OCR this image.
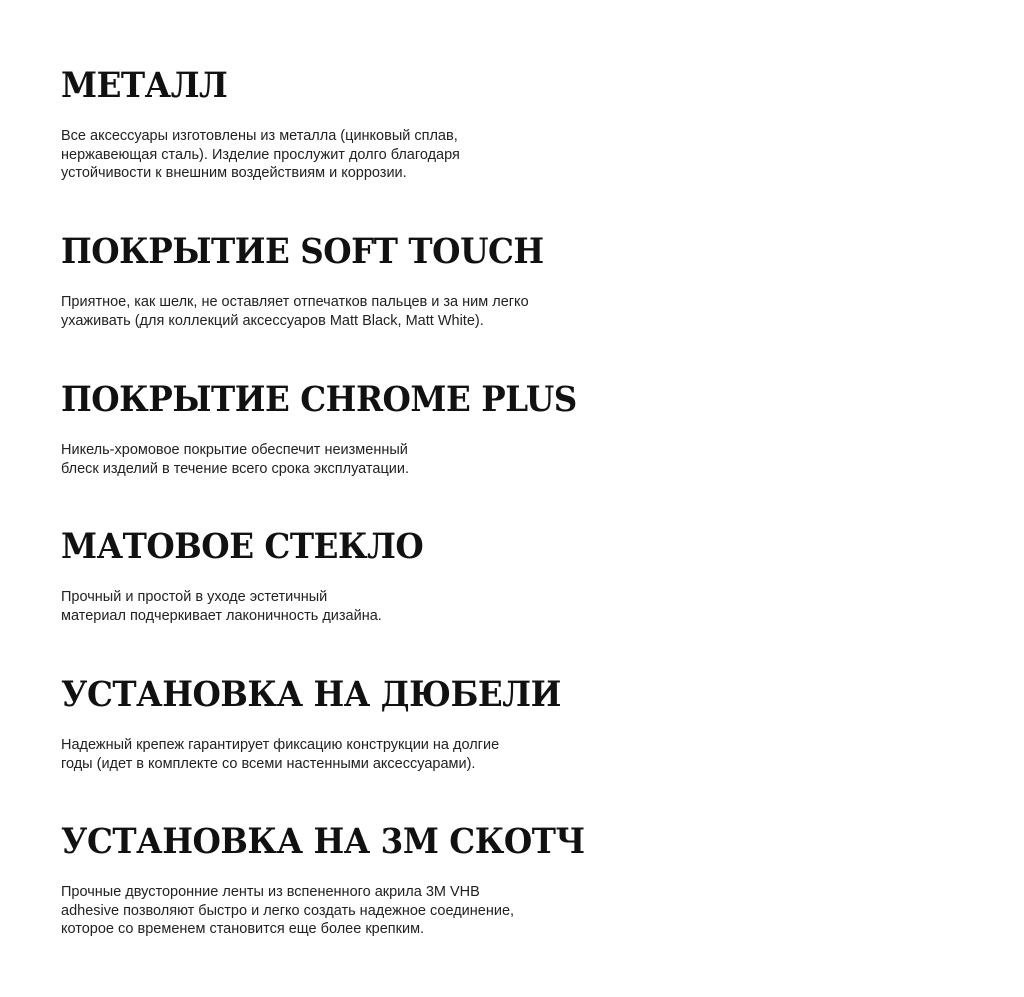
МЕТАЛЛ

Все аксессуары изготовлены из металла (цинковый сплав,
нержавеющая сталь). Изделие прослужит долго благодаря
устойчивости к внешним воздействиям и коррозии.

ПОКРЫТИЕ SOFT TOUCH

Приятное, как шелк, не оставляет отпечатков пальцев и за ним легко
ухаживать (для коллекций аксессуаров Matt Black, Matt White).

ПОКРЫТИЕ CHROME PLUS

Никель-хромовое покрытие обеспечит неизменный
блеск изделий в течение всего срока эксплуатации.

МАТОВОЕ СТЕКЛО

Прочный и простой в уходе эстетичный
материал подчеркивает лаконичность дизайна.

УСТАНОВКА НА ДЮБЕЛИ

Надежный крепеж гарантирует фиксацию конструкции на долгие
годы (идет в комплекте со всеми настенными аксессуарами).

УСТАНОВКА НА 3М СКОТЧ

Прочные двусторонние ленты из вспененного акрила 3M VHB
adhesive позволяют быстро и легко создать надежное соединение,
которое со временем становится еще более крепким.
